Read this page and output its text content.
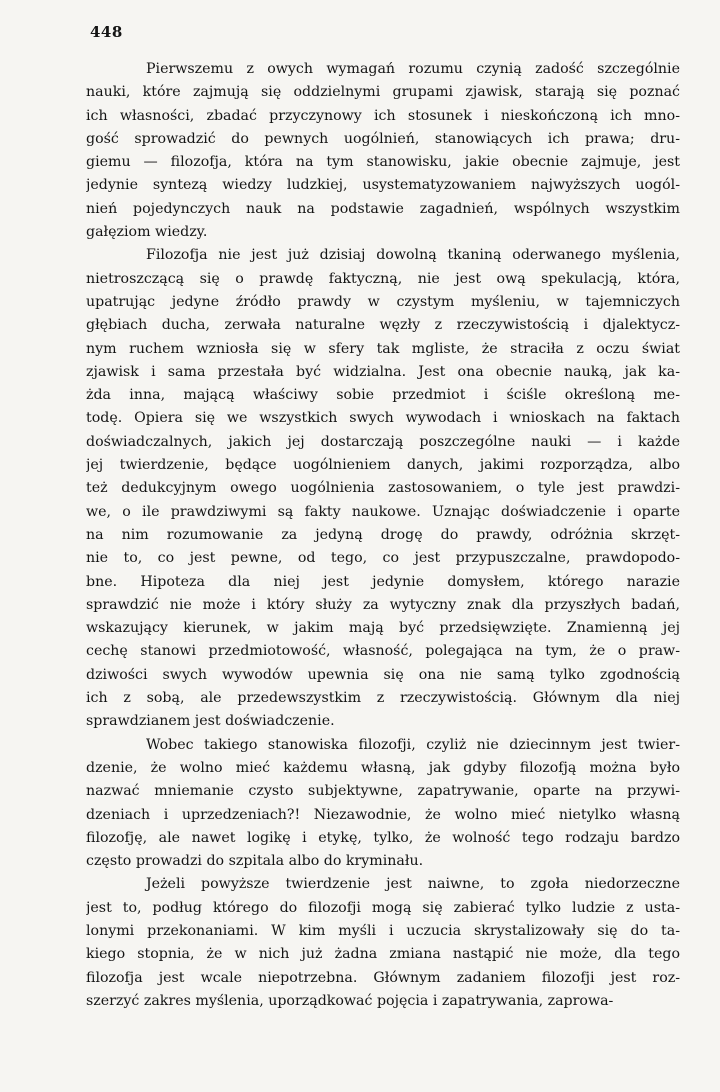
448
Pierwszemu z owych wymagań rozumu czynią zadość szczególnie
nauki, które zajmują się oddzielnymi grupami zjawisk, starają się poznać
ich własności, zbadać przyczynowy ich stosunek i nieskończoną ich mno-
gość sprowadzić do pewnych uogólnień, stanowiących ich prawa; dru-
giemu — filozofja, która na tym stanowisku, jakie obecnie zajmuje, jest
jedynie syntezą wiedzy ludzkiej, usystematyzowaniem najwyższych uogól-
nień pojedynczych nauk na podstawie zagadnień, wspólnych wszystkim
gałęziom wiedzy.
Filozofja nie jest już dzisiaj dowolną tkaniną oderwanego myślenia,
nietroszczącą się o prawdę faktyczną, nie jest ową spekulacją, która,
upatrując jedyne źródło prawdy w czystym myśleniu, w tajemniczych
głębiach ducha, zerwała naturalne węzły z rzeczywistością i djalektycz-
nym ruchem wzniosła się w sfery tak mgliste, że straciła z oczu świat
zjawisk i sama przestała być widzialna. Jest ona obecnie nauką, jak ka-
żda inna, mającą właściwy sobie przedmiot i ściśle określoną me-
todę. Opiera się we wszystkich swych wywodach i wnioskach na faktach
doświadczalnych, jakich jej dostarczają poszczególne nauki — i każde
jej twierdzenie, będące uogólnieniem danych, jakimi rozporządza, albo
też dedukcyjnym owego uogólnienia zastosowaniem, o tyle jest prawdzi-
we, o ile prawdziwymi są fakty naukowe. Uznając doświadczenie i oparte
na nim rozumowanie za jedyną drogę do prawdy, odróżnia skrzęt-
nie to, co jest pewne, od tego, co jest przypuszczalne, prawdopodo-
bne. Hipoteza dla niej jest jedynie domysłem, którego narazie
sprawdzić nie może i który służy za wytyczny znak dla przyszłych badań,
wskazujący kierunek, w jakim mają być przedsięwzięte. Znamienną jej
cechę stanowi przedmiotowość, własność, polegająca na tym, że o praw-
dziwości swych wywodów upewnia się ona nie samą tylko zgodnością
ich z sobą, ale przedewszystkim z rzeczywistością. Głównym dla niej
sprawdzianem jest doświadczenie.
Wobec takiego stanowiska filozofji, czyliż nie dziecinnym jest twier-
dzenie, że wolno mieć każdemu własną, jak gdyby filozofją można było
nazwać mniemanie czysto subjektywne, zapatrywanie, oparte na przywi-
dzeniach i uprzedzeniach?! Niezawodnie, że wolno mieć nietylko własną
filozofję, ale nawet logikę i etykę, tylko, że wolność tego rodzaju bardzo
często prowadzi do szpitala albo do kryminału.
Jeżeli powyższe twierdzenie jest naiwne, to zgoła niedorzeczne
jest to, podług którego do filozofji mogą się zabierać tylko ludzie z usta-
lonymi przekonaniami. W kim myśli i uczucia skrystalizowały się do ta-
kiego stopnia, że w nich już żadna zmiana nastąpić nie może, dla tego
filozofja jest wcale niepotrzebna. Głównym zadaniem filozofji jest roz-
szerzyć zakres myślenia, uporządkować pojęcia i zapatrywania, zaprowa-
